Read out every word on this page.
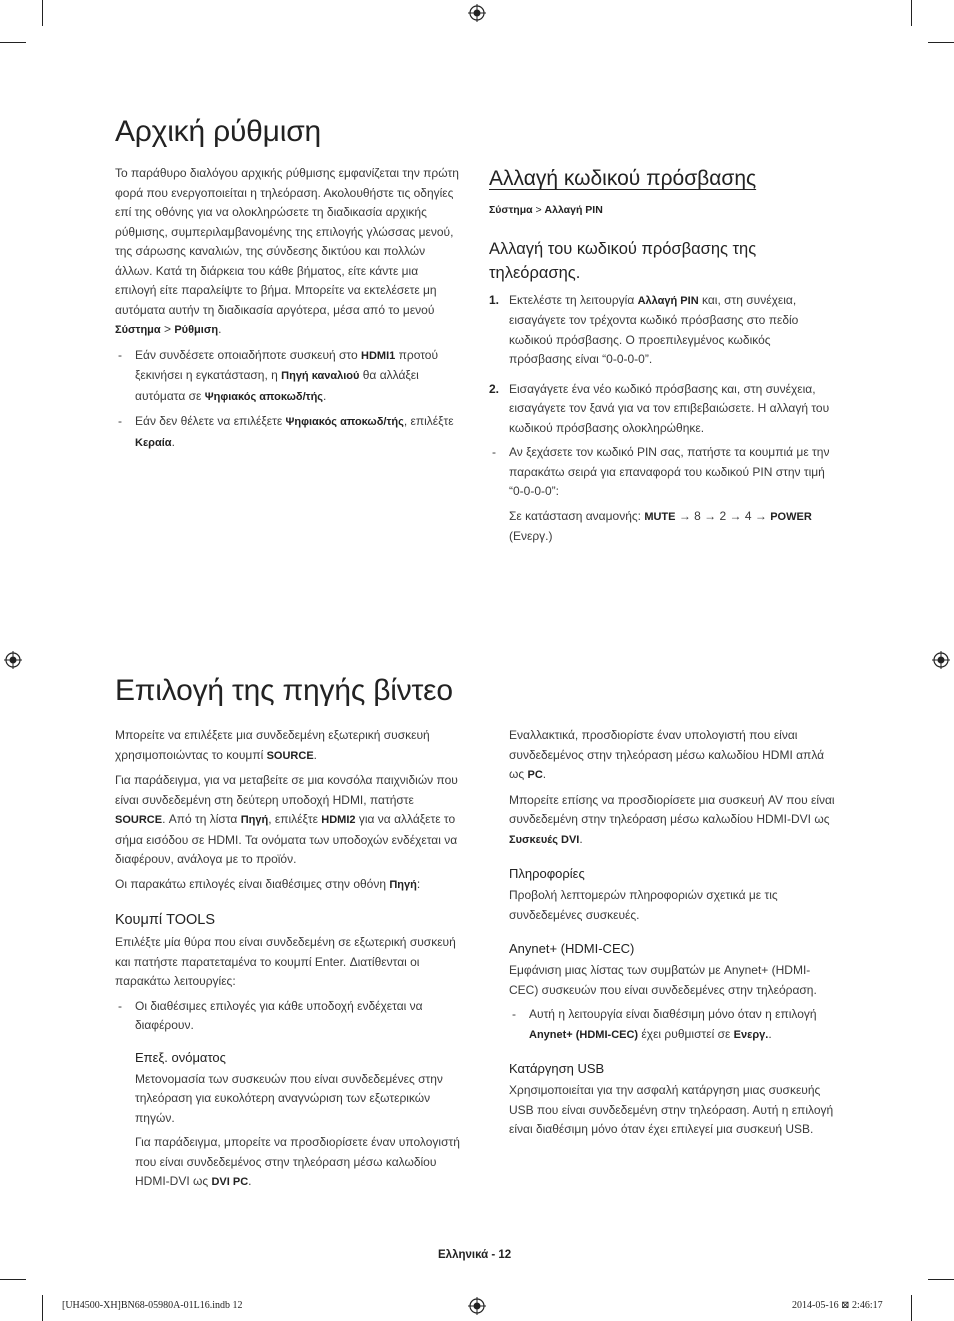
Αρχική ρύθμιση

Το παράθυρο διαλόγου αρχικής ρύθμισης εμφανίζεται την πρώτη φορά που ενεργοποιείται η τηλεόραση. Ακολουθήστε τις οδηγίες επί της οθόνης για να ολοκληρώσετε τη διαδικασία αρχικής ρύθμισης, συμπεριλαμβανομένης της επιλογής γλώσσας μενού, της σάρωσης καναλιών, της σύνδεσης δικτύου και πολλών άλλων. Κατά τη διάρκεια του κάθε βήματος, είτε κάντε μια επιλογή είτε παραλείψτε το βήμα. Μπορείτε να εκτελέσετε μη αυτόματα αυτήν τη διαδικασία αργότερα, μέσα από το μενού Σύστημα > Ρύθμιση.

- Εάν συνδέσετε οποιαδήποτε συσκευή στο HDMI1 προτού ξεκινήσει η εγκατάσταση, η Πηγή καναλιού θα αλλάξει αυτόματα σε Ψηφιακός αποκωδ/τής.
- Εάν δεν θέλετε να επιλέξετε Ψηφιακός αποκωδ/τής, επιλέξτε Κεραία.
Αλλαγή κωδικού πρόσβασης
Σύστημα > Αλλαγή PIN
Αλλαγή του κωδικού πρόσβασης της τηλεόρασης.
1. Εκτελέστε τη λειτουργία Αλλαγή PIN και, στη συνέχεια, εισαγάγετε τον τρέχοντα κωδικό πρόσβασης στο πεδίο κωδικού πρόσβασης. Ο προεπιλεγμένος κωδικός πρόσβασης είναι “0-0-0-0”.
2. Εισαγάγετε ένα νέο κωδικό πρόσβασης και, στη συνέχεια, εισαγάγετε τον ξανά για να τον επιβεβαιώσετε. Η αλλαγή του κωδικού πρόσβασης ολοκληρώθηκε.
- Αν ξεχάσετε τον κωδικό PIN σας, πατήστε τα κουμπιά με την παρακάτω σειρά για επαναφορά του κωδικού PIN στην τιμή “0-0-0-0”:
Σε κατάσταση αναμονής: MUTE → 8 → 2 → 4 → POWER (Ενεργ.)
Επιλογή της πηγής βίντεο

Μπορείτε να επιλέξετε μια συνδεδεμένη εξωτερική συσκευή χρησιμοποιώντας το κουμπί SOURCE.

Για παράδειγμα, για να μεταβείτε σε μια κονσόλα παιχνιδιών που είναι συνδεδεμένη στη δεύτερη υποδοχή HDMI, πατήστε SOURCE. Από τη λίστα Πηγή, επιλέξτε HDMI2 για να αλλάξετε το σήμα εισόδου σε HDMI. Τα ονόματα των υποδοχών ενδέχεται να διαφέρουν, ανάλογα με το προϊόν.

Οι παρακάτω επιλογές είναι διαθέσιμες στην οθόνη Πηγή:

Κουμπί TOOLS

Επιλέξτε μία θύρα που είναι συνδεδεμένη σε εξωτερική συσκευή και πατήστε παρατεταμένα το κουμπί Enter. Διατίθενται οι παρακάτω λειτουργίες:

- Οι διαθέσιμες επιλογές για κάθε υποδοχή ενδέχεται να διαφέρουν.
Επεξ. ονόματος

Μετονομασία των συσκευών που είναι συνδεδεμένες στην τηλεόραση για ευκολότερη αναγνώριση των εξωτερικών πηγών.

Για παράδειγμα, μπορείτε να προσδιορίσετε έναν υπολογιστή που είναι συνδεδεμένος στην τηλεόραση μέσω καλωδίου HDMI-DVI ως DVI PC.

Εναλλακτικά, προσδιορίστε έναν υπολογιστή που είναι συνδεδεμένος στην τηλεόραση μέσω καλωδίου HDMI απλά ως PC.

Μπορείτε επίσης να προσδιορίσετε μια συσκευή AV που είναι συνδεδεμένη στην τηλεόραση μέσω καλωδίου HDMI-DVI ως Συσκευές DVI.

Πληροφορίες

Προβολή λεπτομερών πληροφοριών σχετικά με τις συνδεδεμένες συσκευές.

Anynet+ (HDMI-CEC)

Εμφάνιση μιας λίστας των συμβατών με Anynet+ (HDMI-CEC) συσκευών που είναι συνδεδεμένες στην τηλεόραση.

- Αυτή η λειτουργία είναι διαθέσιμη μόνο όταν η επιλογή Anynet+ (HDMI-CEC) έχει ρυθμιστεί σε Ενεργ..
Κατάργηση USB

Χρησιμοποιείται για την ασφαλή κατάργηση μιας συσκευής USB που είναι συνδεδεμένη στην τηλεόραση. Αυτή η επιλογή είναι διαθέσιμη μόνο όταν έχει επιλεγεί μια συσκευή USB.

Ελληνικά - 12
[UH4500-XH]BN68-05980A-01L16.indb 12	2014-05-16 ⊠ 2:46:17
